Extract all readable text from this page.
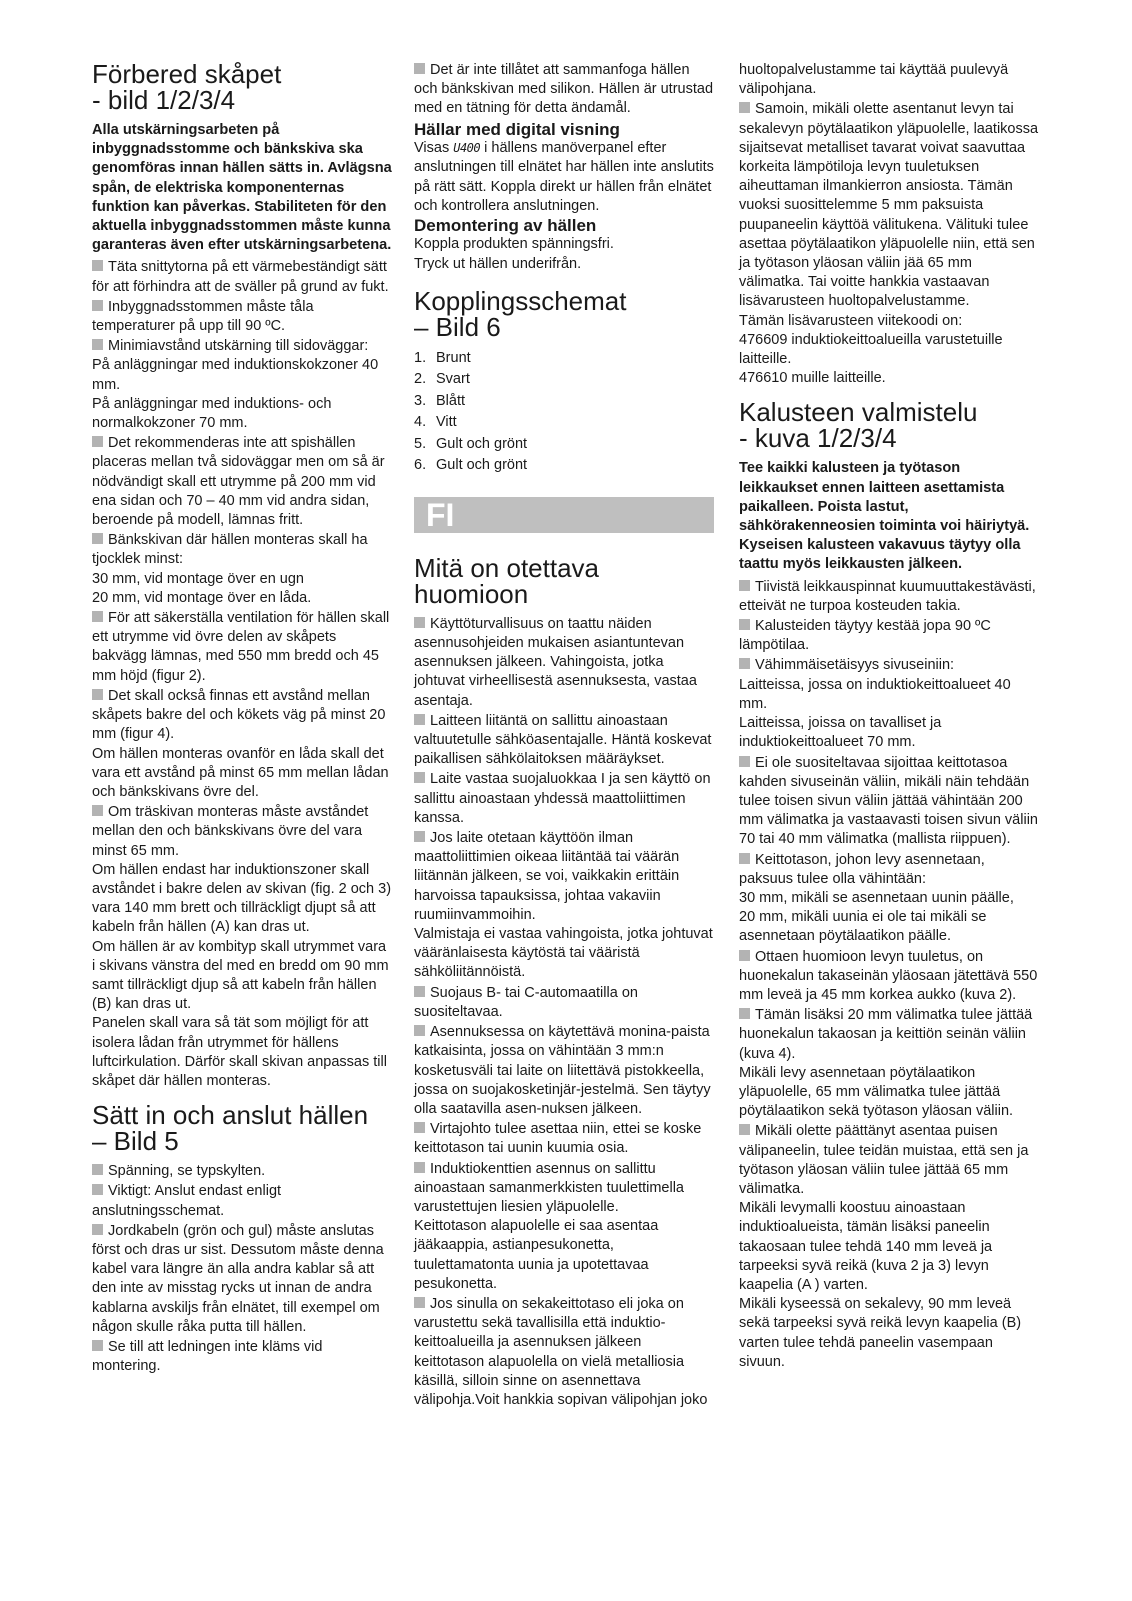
Förbered skåpet
- bild 1/2/3/4

Alla utskärningsarbeten på inbyggnadsstomme och bänkskiva ska genomföras innan hällen sätts in. Avlägsna spån, de elektriska komponenternas funktion kan påverkas. Stabiliteten för den aktuella inbyggnadsstommen måste kunna garanteras även efter utskärningsarbetena.

Täta snittytorna på ett värmebeständigt sätt för att förhindra att de sväller på grund av fukt.

Inbyggnadsstommen måste tåla temperaturer på upp till 90 ºC.

Minimiavstånd utskärning till sidoväggar:
På anläggningar med induktionskokzoner 40 mm.
På anläggningar med induktions- och normalkokzoner 70 mm.

Det rekommenderas inte att spishällen placeras mellan två sidoväggar men om så är nödvändigt skall ett utrymme på 200 mm vid ena sidan och 70 – 40 mm vid andra sidan, beroende på modell, lämnas fritt.

Bänkskivan där hällen monteras skall ha tjocklek minst:
30 mm, vid montage över en ugn
20 mm, vid montage över en låda.

För att säkerställa ventilation för hällen skall ett utrymme vid övre delen av skåpets bakvägg lämnas, med 550 mm bredd och 45 mm höjd (figur 2).

Det skall också finnas ett avstånd mellan skåpets bakre del och kökets väg på minst 20 mm (figur 4).
Om hällen monteras ovanför en låda skall det vara ett avstånd på minst 65 mm mellan lådan och bänkskivans övre del.

Om träskivan monteras måste avståndet mellan den och bänkskivans övre del vara minst 65 mm.
Om hällen endast har induktionszoner skall avståndet i bakre delen av skivan (fig. 2 och 3) vara 140 mm brett och tillräckligt djupt så att kabeln från hällen (A) kan dras ut.
Om hällen är av kombityp skall utrymmet vara i skivans vänstra del med en bredd om 90 mm samt tillräckligt djup så att kabeln från hällen (B) kan dras ut.
Panelen skall vara så tät som möjligt för att isolera lådan från utrymmet för hällens luftcirkulation. Därför skall skivan anpassas till skåpet där hällen monteras.

Sätt in och anslut hällen
– Bild 5

Spänning, se typskylten.

Viktigt: Anslut endast enligt anslutningsschemat.

Jordkabeln (grön och gul) måste anslutas först och dras ur sist. Dessutom måste denna kabel vara längre än alla andra kablar så att den inte av misstag rycks ut innan de andra kablarna avskiljs från elnätet, till exempel om någon skulle råka putta till hällen.

Se till att ledningen inte kläms vid montering.

Det är inte tillåtet att sammanfoga hällen och bänkskivan med silikon. Hällen är utrustad med en tätning för detta ändamål.

Hällar med digital visning

Visas U400 i hällens manöverpanel efter anslutningen till elnätet har hällen inte anslutits på rätt sätt. Koppla direkt ur hällen från elnätet och kontrollera anslutningen.

Demontering av hällen

Koppla produkten spänningsfri.
Tryck ut hällen underifrån.

Kopplingsschemat
– Bild 6

1. Brunt

2. Svart

3. Blått

4. Vitt

5. Gult och grönt

6. Gult och grönt

FI
Mitä on otettava
huomioon

Käyttöturvallisuus on taattu näiden asennusohjeiden mukaisen asiantuntevan asennuksen jälkeen. Vahingoista, jotka johtuvat virheellisestä asennuksesta, vastaa asentaja.

Laitteen liitäntä on sallittu ainoastaan valtuutetulle sähköasentajalle. Häntä koskevat paikallisen sähkölaitoksen määräykset.

Laite vastaa suojaluokkaa I ja sen käyttö on sallittu ainoastaan yhdessä maattoliittimen kanssa.

Jos laite otetaan käyttöön ilman maattoliittimien oikeaa liitäntää tai väärän liitännän jälkeen, se voi, vaikkakin erittäin harvoissa tapauksissa, johtaa vakaviin ruumiinvammoihin.
Valmistaja ei vastaa vahingoista, jotka johtuvat vääränlaisesta käytöstä tai vääristä sähköliitännöistä.

Suojaus B- tai C-automaatilla on suositeltavaa.

Asennuksessa on käytettävä monina-paista katkaisinta, jossa on vähintään 3 mm:n kosketusväli tai laite on liitettävä pistokkeella, jossa on suojakosketinjär-jestelmä. Sen täytyy olla saatavilla asen-nuksen jälkeen.

Virtajohto tulee asettaa niin, ettei se koske keittotason tai uunin kuumia osia.

Induktiokenttien asennus on sallittu ainoastaan samanmerkkisten tuulettimella varustettujen liesien yläpuolelle.
Keittotason alapuolelle ei saa asentaa jääkaappia, astianpesukonetta, tuulettamatonta uunia ja upotettavaa pesukonetta.

Jos sinulla on sekakeittotaso eli joka on varustettu sekä tavallisilla että induktio-keittoalueilla ja asennuksen jälkeen keittotason alapuolella on vielä metalliosia käsillä, silloin sinne on asennettava välipohja.Voit hankkia sopivan välipohjan joko

huoltopalvelustamme tai käyttää puulevyä välipohjana.

Samoin, mikäli olette asentanut levyn tai sekalevyn pöytälaatikon yläpuolelle, laatikossa sijaitsevat metalliset tavarat voivat saavuttaa korkeita lämpötiloja levyn tuuletuksen aiheuttaman ilmankierron ansiosta. Tämän vuoksi suosittelemme 5 mm paksuista puupaneelin käyttöä välitukena. Välituki tulee asettaa pöytälaatikon yläpuolelle niin, että sen ja työtason yläosan väliin jää 65 mm välimatka. Tai voitte hankkia vastaavan lisävarusteen huoltopalvelustamme.
Tämän lisävarusteen viitekoodi on:
476609 induktiokeittoalueilla varustetuille laitteille.
476610 muille laitteille.

Kalusteen valmistelu
- kuva 1/2/3/4

Tee kaikki kalusteen ja työtason leikkaukset ennen laitteen asettamista paikalleen. Poista lastut, sähkörakenneosien toiminta voi häiriytyä. Kyseisen kalusteen vakavuus täytyy olla taattu myös leikkausten jälkeen.

Tiivistä leikkauspinnat kuumuuttakestävästi, etteivät ne turpoa kosteuden takia.

Kalusteiden täytyy kestää jopa 90 ºC lämpötilaa.

Vähimmäisetäisyys sivuseiniin:
Laitteissa, jossa on induktiokeittoalueet 40 mm.
Laitteissa, joissa on tavalliset ja induktiokeittoalueet 70 mm.

Ei ole suositeltavaa sijoittaa keittotasoa kahden sivuseinän väliin, mikäli näin tehdään tulee toisen sivun väliin jättää vähintään 200 mm välimatka ja vastaavasti toisen sivun väliin 70 tai 40 mm välimatka (mallista riippuen).

Keittotason, johon levy asennetaan, paksuus tulee olla vähintään:
30 mm, mikäli se asennetaan uunin päälle,
20 mm, mikäli uunia ei ole tai mikäli se asennetaan pöytälaatikon päälle.

Ottaen huomioon levyn tuuletus, on huonekalun takaseinän yläosaan jätettävä 550 mm leveä ja 45 mm korkea aukko (kuva 2).

Tämän lisäksi 20 mm välimatka tulee jättää huonekalun takaosan ja keittiön seinän väliin (kuva 4).
Mikäli levy asennetaan pöytälaatikon yläpuolelle, 65 mm välimatka tulee jättää pöytälaatikon sekä työtason yläosan väliin.

Mikäli olette päättänyt asentaa puisen välipaneelin, tulee teidän muistaa, että sen ja työtason yläosan väliin tulee jättää 65 mm välimatka.
Mikäli levymalli koostuu ainoastaan induktioalueista, tämän lisäksi paneelin takaosaan tulee tehdä 140 mm leveä ja tarpeeksi syvä reikä (kuva 2 ja 3) levyn kaapelia (A ) varten.
Mikäli kyseessä on sekalevy, 90 mm leveä sekä tarpeeksi syvä reikä levyn kaapelia (B) varten tulee tehdä paneelin vasempaan sivuun.
